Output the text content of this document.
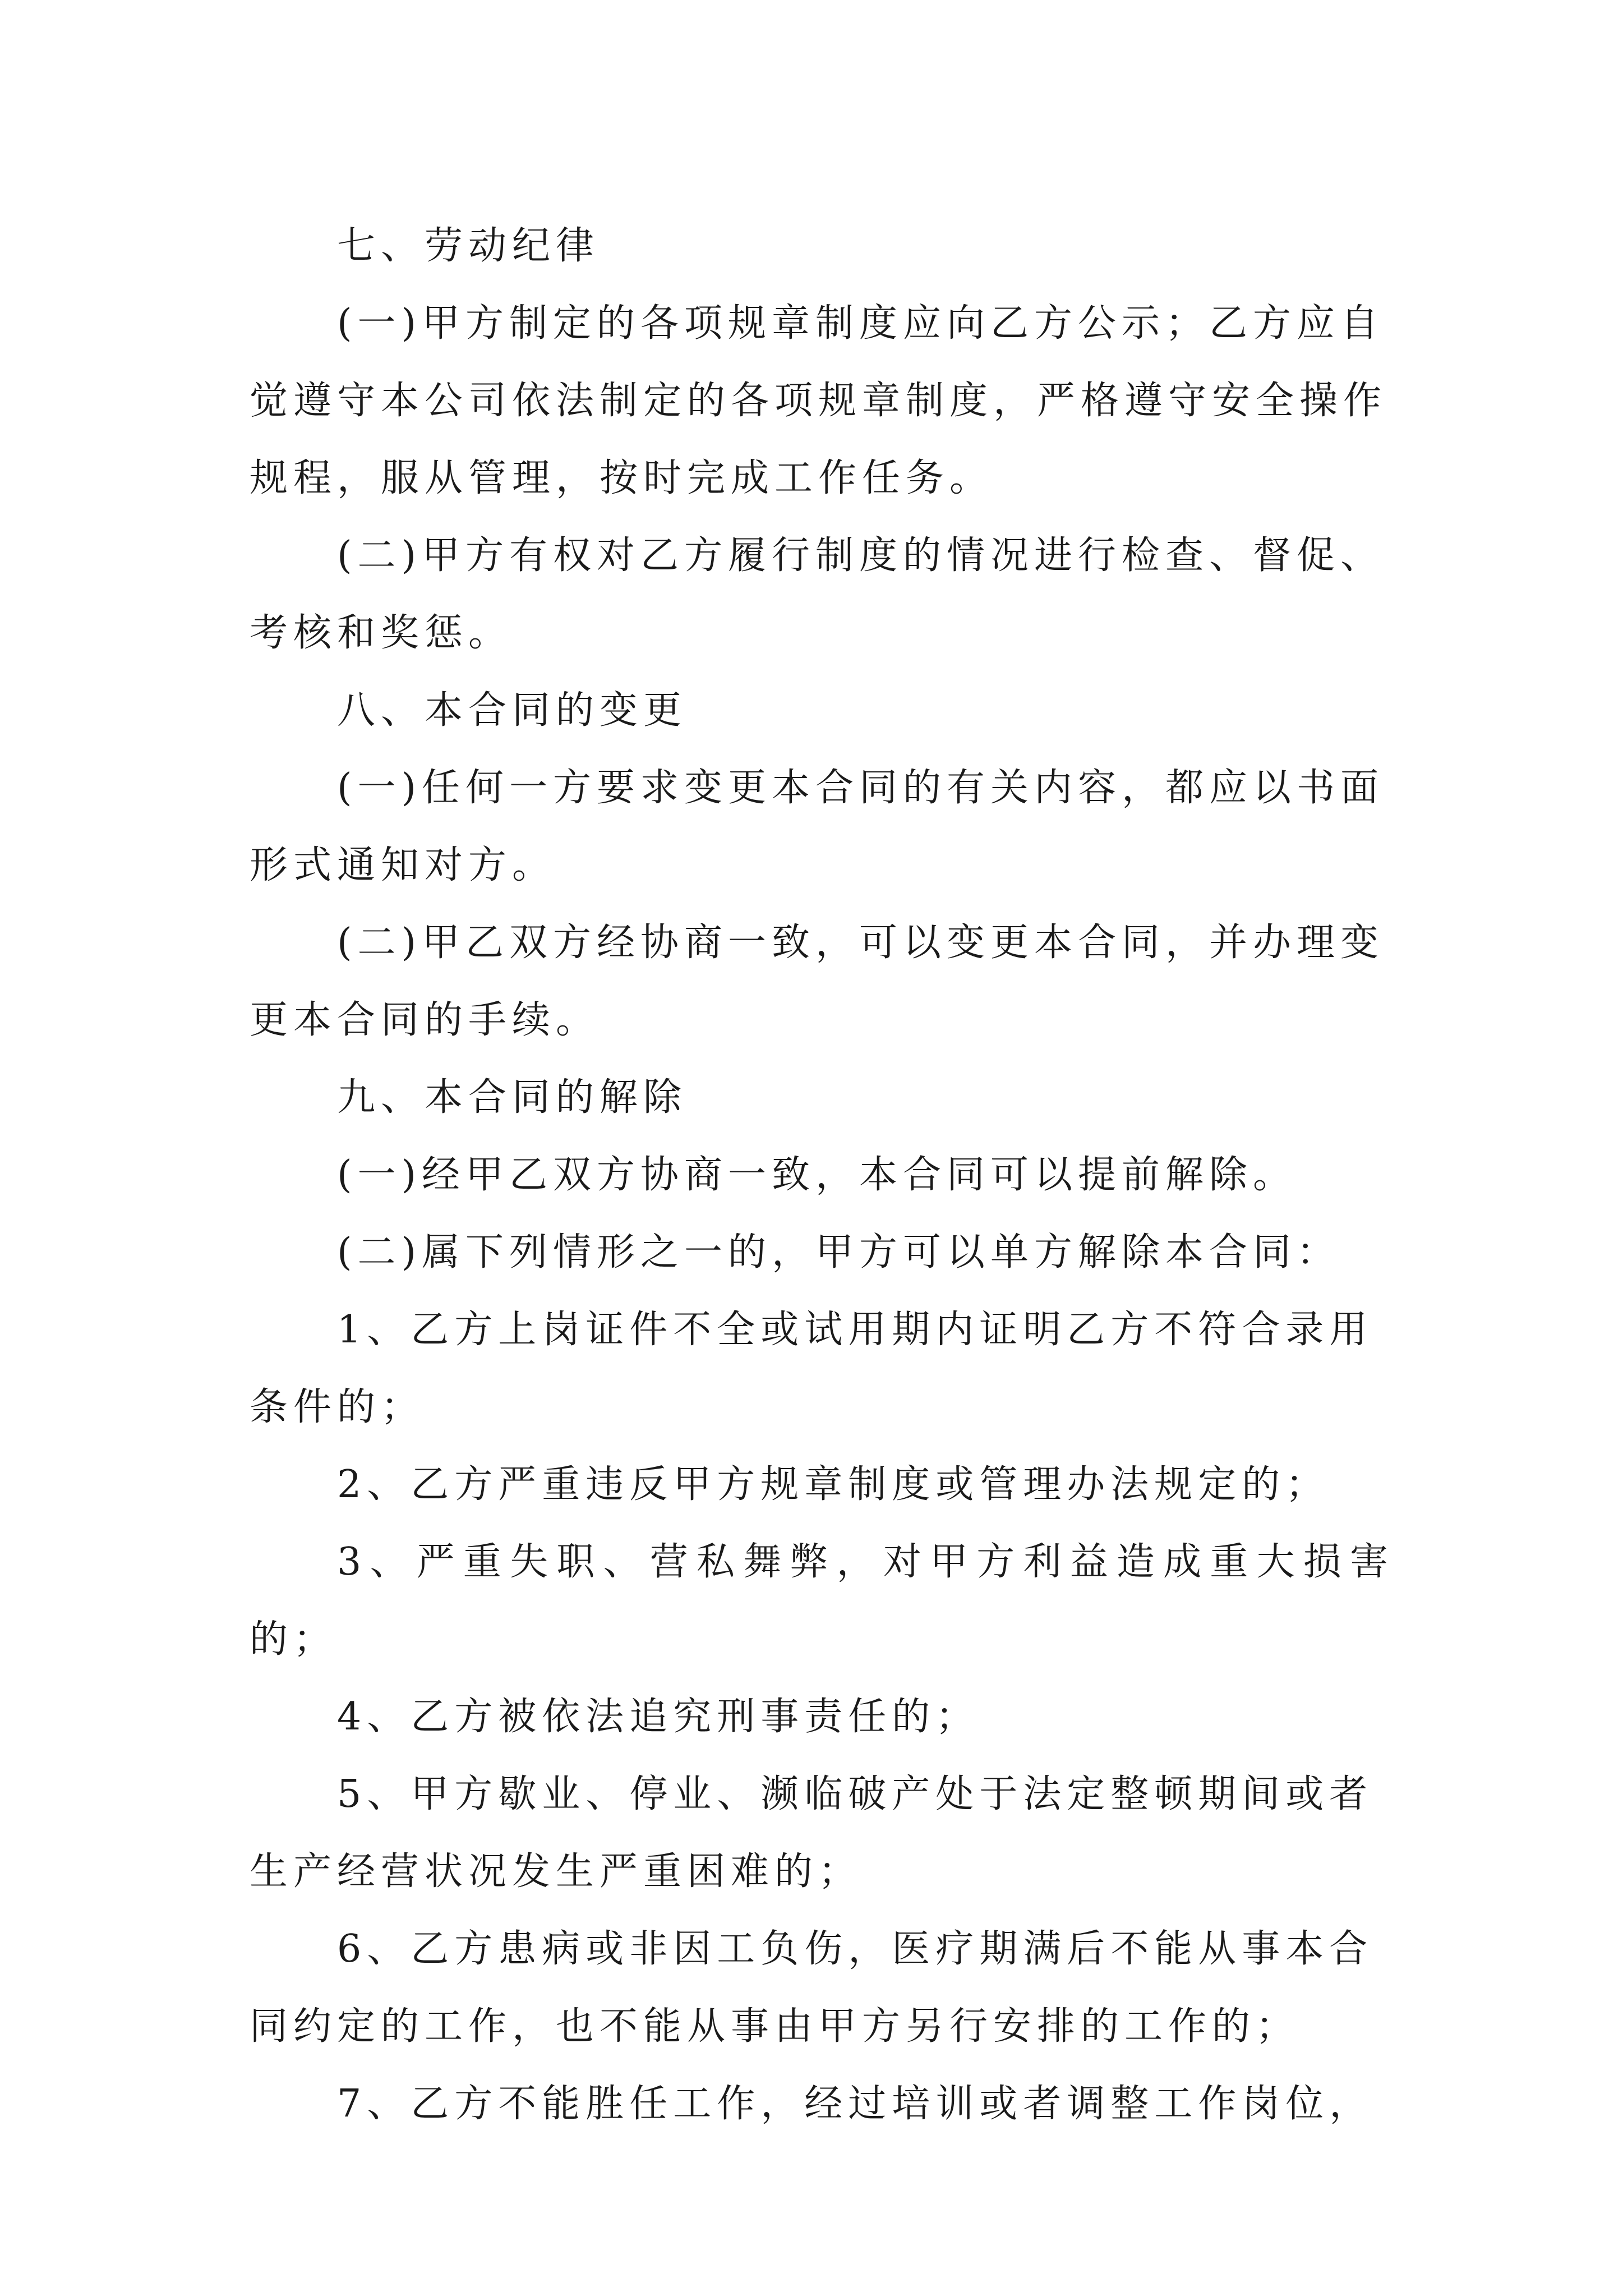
七、劳动纪律

(一)甲方制定的各项规章制度应向乙方公示；乙方应自
觉遵守本公司依法制定的各项规章制度，严格遵守安全操作
规程，服从管理，按时完成工作任务。

(二)甲方有权对乙方履行制度的情况进行检查、督促、
考核和奖惩。

八、本合同的变更

(一)任何一方要求变更本合同的有关内容，都应以书面
形式通知对方。

(二)甲乙双方经协商一致，可以变更本合同，并办理变
更本合同的手续。

九、本合同的解除

(一)经甲乙双方协商一致，本合同可以提前解除。

(二)属下列情形之一的，甲方可以单方解除本合同：

1、乙方上岗证件不全或试用期内证明乙方不符合录用
条件的；

2、乙方严重违反甲方规章制度或管理办法规定的；

3、严重失职、营私舞弊，对甲方利益造成重大损害的；

4、乙方被依法追究刑事责任的；

5、甲方歇业、停业、濒临破产处于法定整顿期间或者
生产经营状况发生严重困难的；

6、乙方患病或非因工负伤，医疗期满后不能从事本合
同约定的工作，也不能从事由甲方另行安排的工作的；

7、乙方不能胜任工作，经过培训或者调整工作岗位，
